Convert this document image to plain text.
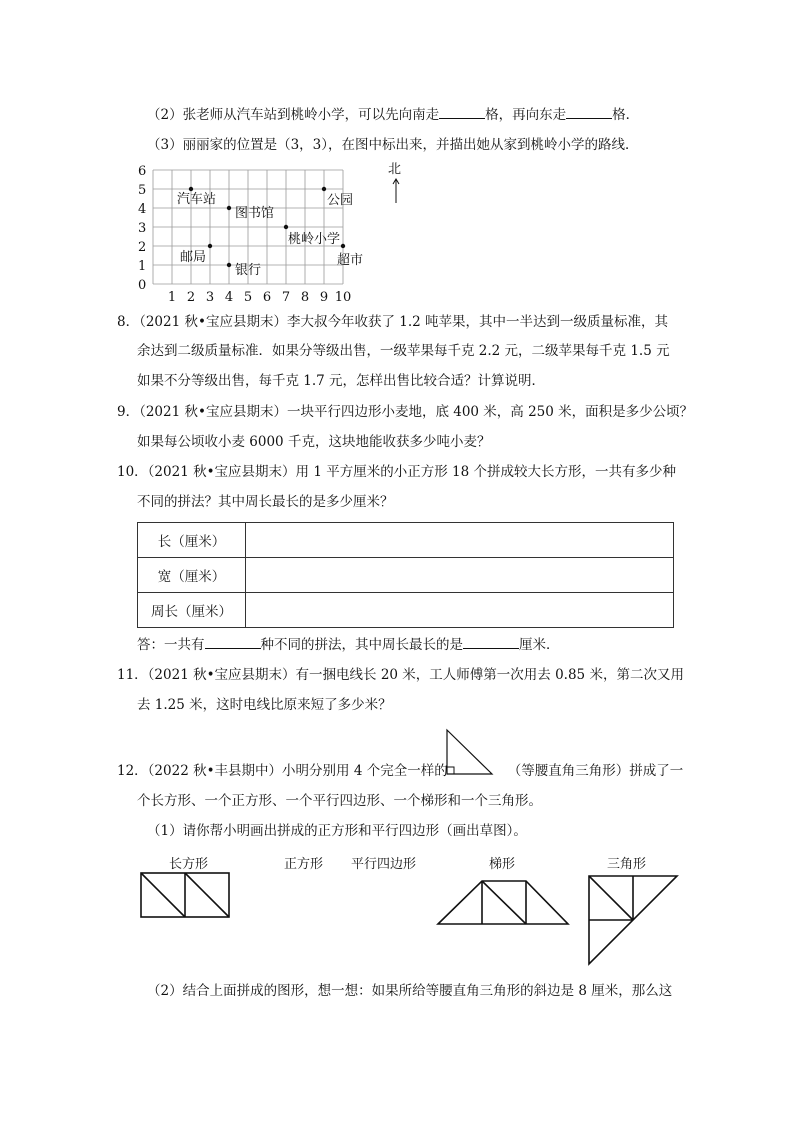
（2）张老师从汽车站到桃岭小学，可以先向南走	格，再向东走	格．
（3）丽丽家的位置是（3，3），在图中标出来，并描出她从家到桃岭小学的路线．
0
1
2
3
4
5
6
1 2 3 4 5 6 7 8 9 10
汽车站
图书馆
公园
桃岭小学
邮局	超市
银行
北
8．（2021 秋•宝应县期末）李大叔今年收获了 1.2 吨苹果，其中一半达到一级质量标准，其
余达到二级质量标准．如果分等级出售，一级苹果每千克 2.2 元，二级苹果每千克 1.5 元
如果不分等级出售，每千克 1.7 元，怎样出售比较合适？计算说明．
9．（2021 秋•宝应县期末）一块平行四边形小麦地，底 400 米，高 250 米，面积是多少公顷？
如果每公顷收小麦 6000 千克，这块地能收获多少吨小麦？
10．（2021 秋•宝应县期末）用 1 平方厘米的小正方形 18 个拼成较大长方形，一共有多少种
不同的拼法？其中周长最长的是多少厘米？
长（厘米）	
宽（厘米）	
周长（厘米）	
答：一共有	种不同的拼法，其中周长最长的是	厘米．
11．（2021 秋•宝应县期末）有一捆电线长 20 米，工人师傅第一次用去 0.85 米，第二次又用
去 1.25 米，这时电线比原来短了多少米？
12．（2022 秋•丰县期中）小明分别用 4 个完全一样的	（等腰直角三角形）拼成了一
个长方形、一个正方形、一个平行四边形、一个梯形和一个三角形。
（1）请你帮小明画出拼成的正方形和平行四边形（画出草图）。
长方形	正方形 平行四边形	梯形	三角形
（2）结合上面拼成的图形，想一想：如果所给等腰直角三角形的斜边是 8 厘米，那么这
